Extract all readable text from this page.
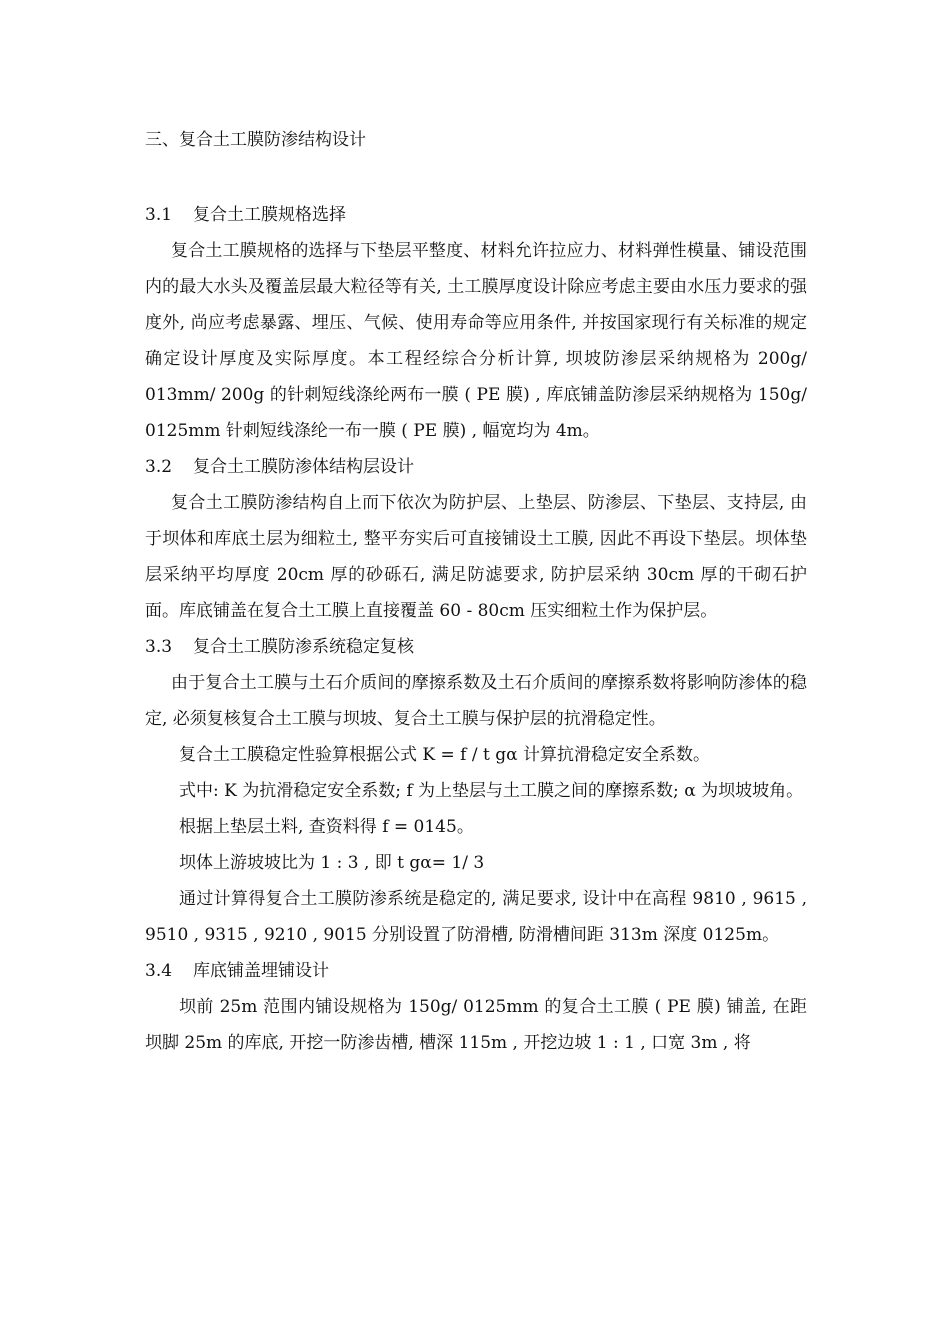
三、复合土工膜防渗结构设计
3.1 复合土工膜规格选择

复合土工膜规格的选择与下垫层平整度、材料允许拉应力、材料弹性模量、铺设范围内的最大水头及覆盖层最大粒径等有关, 土工膜厚度设计除应考虑主要由水压力要求的强度外, 尚应考虑暴露、埋压、气候、使用寿命等应用条件, 并按国家现行有关标准的规定确定设计厚度及实际厚度。本工程经综合分析计算, 坝坡防渗层采纳规格为 200g/ 013mm/ 200g 的针刺短线涤纶两布一膜 ( PE 膜) , 库底铺盖防渗层采纳规格为 150g/ 0125mm 针刺短线涤纶一布一膜 ( PE 膜) , 幅宽均为 4m。

3.2 复合土工膜防渗体结构层设计

复合土工膜防渗结构自上而下依次为防护层、上垫层、防渗层、下垫层、支持层, 由于坝体和库底土层为细粒土, 整平夯实后可直接铺设土工膜, 因此不再设下垫层。坝体垫层采纳平均厚度 20cm 厚的砂砾石, 满足防滤要求, 防护层采纳 30cm 厚的干砌石护面。库底铺盖在复合土工膜上直接覆盖 60 - 80cm 压实细粒土作为保护层。

3.3 复合土工膜防渗系统稳定复核

由于复合土工膜与土石介质间的摩擦系数及土石介质间的摩擦系数将影响防渗体的稳定, 必须复核复合土工膜与坝坡、复合土工膜与保护层的抗滑稳定性。

复合土工膜稳定性验算根据公式 K = f / t gα 计算抗滑稳定安全系数。

式中: K 为抗滑稳定安全系数; f 为上垫层与土工膜之间的摩擦系数; α 为坝坡坡角。

根据上垫层土料, 查资料得 f = 0145。

坝体上游坡坡比为 1 : 3 , 即 t gα= 1/ 3

通过计算得复合土工膜防渗系统是稳定的, 满足要求, 设计中在高程 9810 , 9615 , 9510 , 9315 , 9210 , 9015 分别设置了防滑槽, 防滑槽间距 313m 深度 0125m。

3.4 库底铺盖埋铺设计

坝前 25m 范围内铺设规格为 150g/ 0125mm 的复合土工膜 ( PE 膜) 铺盖, 在距坝脚 25m 的库底, 开挖一防渗齿槽, 槽深 115m , 开挖边坡 1 : 1 , 口宽 3m , 将
